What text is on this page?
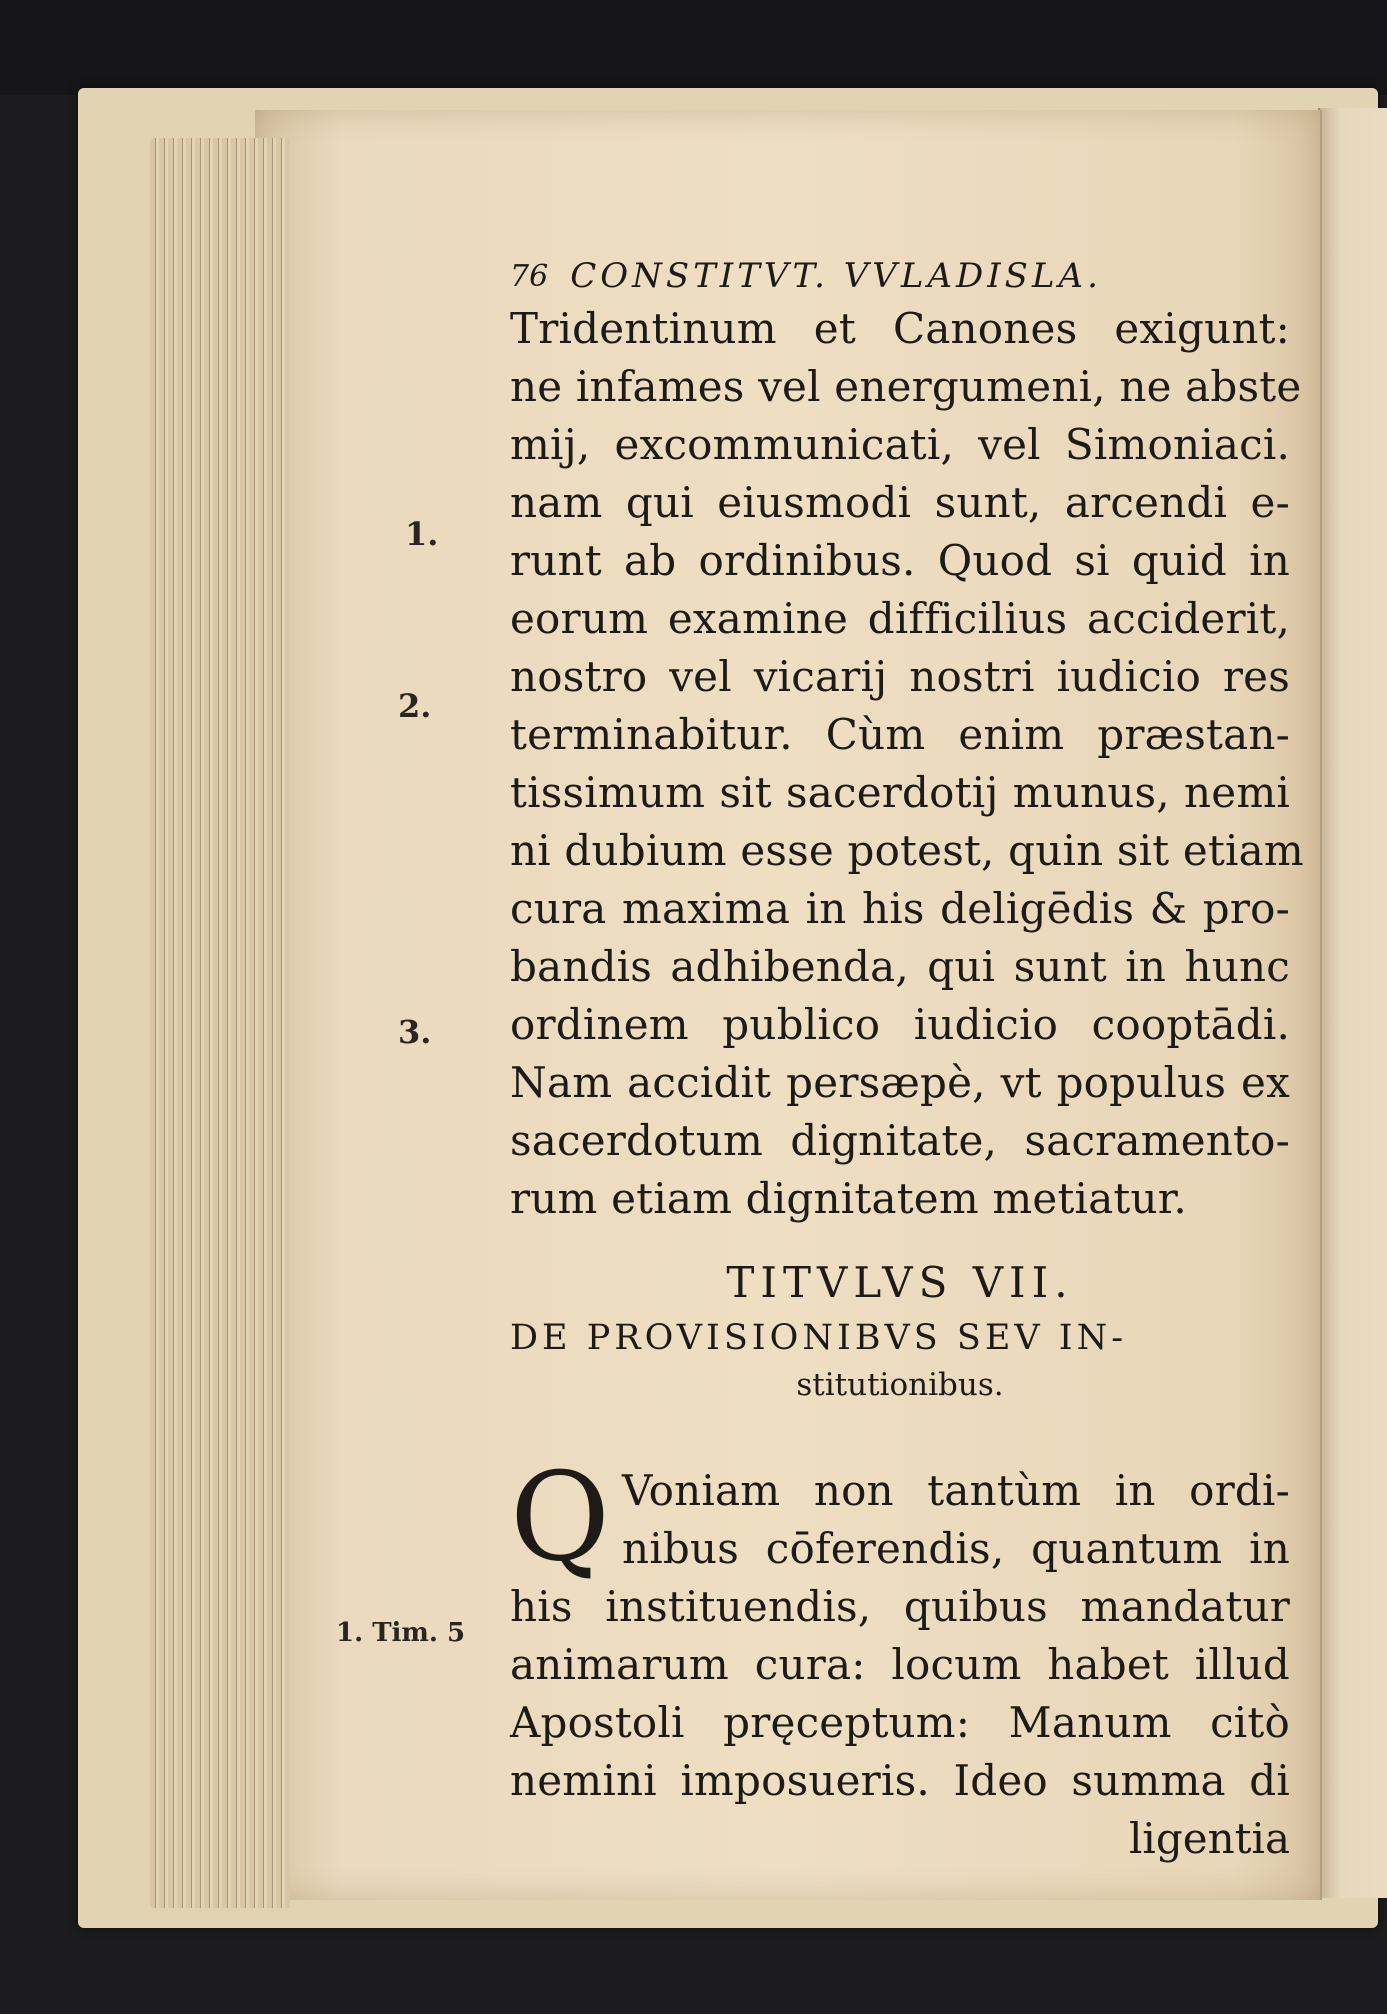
76 CONSTITVT. VVLADISLA.
Tridentinum et Canones exigunt:
ne infames vel energumeni, ne abste
mij, excommunicati, vel Simoniaci.
nam qui eiusmodi sunt, arcendi e-
runt ab ordinibus. Quod si quid in
eorum examine difficilius acciderit,
nostro vel vicarij nostri iudicio res
terminabitur. Cùm enim præstan-
tissimum sit sacerdotij munus, nemi
ni dubium esse potest, quin sit etiam
cura maxima in his deligēdis & pro-
bandis adhibenda, qui sunt in hunc
ordinem publico iudicio cooptādi.
Nam accidit persæpè, vt populus ex
sacerdotum dignitate, sacramento-
rum etiam dignitatem metiatur.
TITVLVS VII.
DE PROVISIONIBVS SEV IN-
stitutionibus.
Q Voniam non tantùm in ordi-
nibus cōferendis, quantum in
his instituendis, quibus mandatur
animarum cura: locum habet illud
Apostoli pręceptum: Manum citò
nemini imposueris. Ideo summa di
ligentia
1.
2.
3.
1. Tim. 5
